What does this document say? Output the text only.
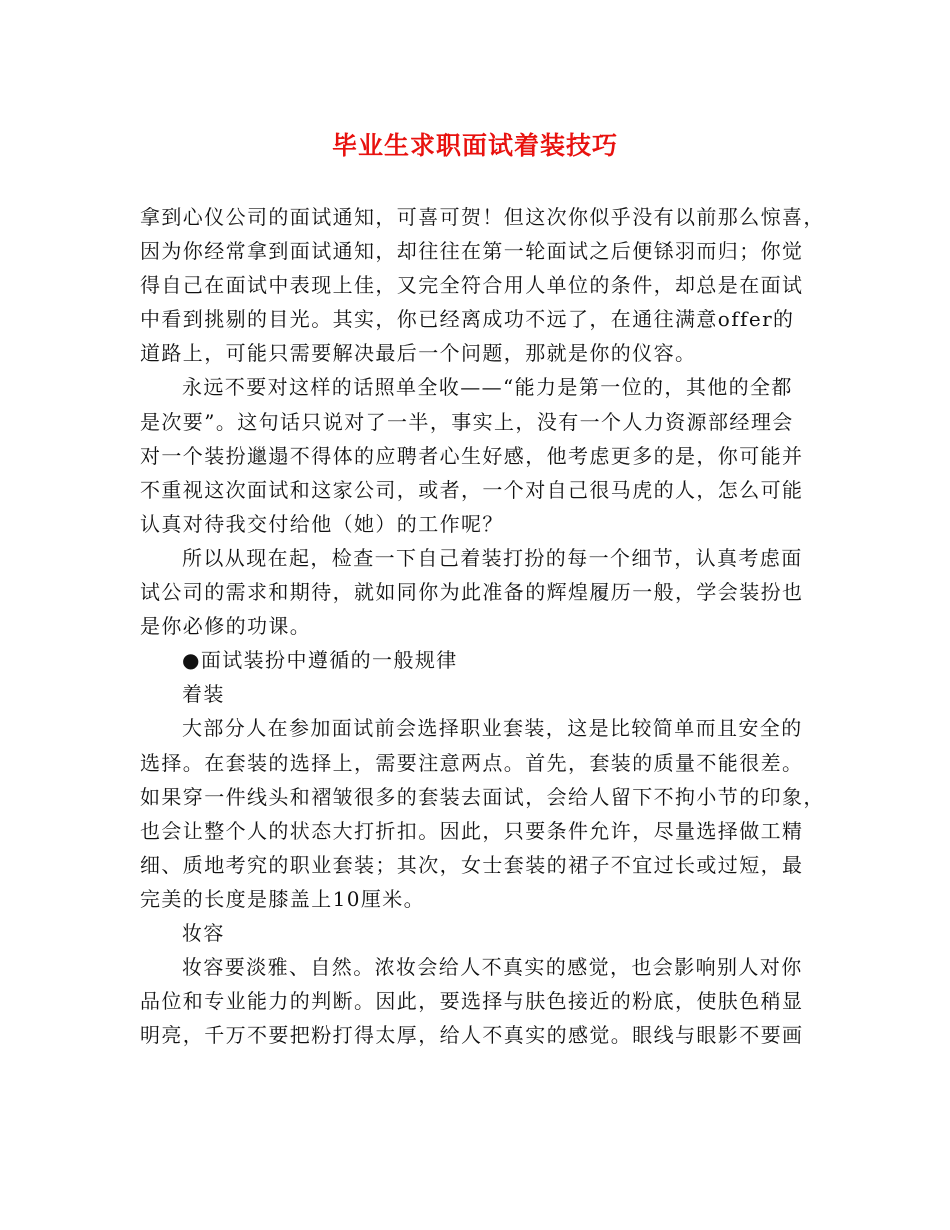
毕业生求职面试着装技巧

拿到心仪公司的面试通知，可喜可贺！但这次你似乎没有以前那么惊喜，

因为你经常拿到面试通知，却往往在第一轮面试之后便铩羽而归；你觉

得自己在面试中表现上佳，又完全符合用人单位的条件，却总是在面试

中看到挑剔的目光。其实，你已经离成功不远了，在通往满意offer的

道路上，可能只需要解决最后一个问题，那就是你的仪容。

永远不要对这样的话照单全收——“能力是第一位的，其他的全都

是次要”。这句话只说对了一半，事实上，没有一个人力资源部经理会

对一个装扮邋遢不得体的应聘者心生好感，他考虑更多的是，你可能并

不重视这次面试和这家公司，或者，一个对自己很马虎的人，怎么可能

认真对待我交付给他（她）的工作呢？

所以从现在起，检查一下自己着装打扮的每一个细节，认真考虑面

试公司的需求和期待，就如同你为此准备的辉煌履历一般，学会装扮也

是你必修的功课。

●面试装扮中遵循的一般规律

着装

大部分人在参加面试前会选择职业套装，这是比较简单而且安全的

选择。在套装的选择上，需要注意两点。首先，套装的质量不能很差。

如果穿一件线头和褶皱很多的套装去面试，会给人留下不拘小节的印象，

也会让整个人的状态大打折扣。因此，只要条件允许，尽量选择做工精

细、质地考究的职业套装；其次，女士套装的裙子不宜过长或过短，最

完美的长度是膝盖上10厘米。

妆容

妆容要淡雅、自然。浓妆会给人不真实的感觉，也会影响别人对你

品位和专业能力的判断。因此，要选择与肤色接近的粉底，使肤色稍显

明亮，千万不要把粉打得太厚，给人不真实的感觉。眼线与眼影不要画
